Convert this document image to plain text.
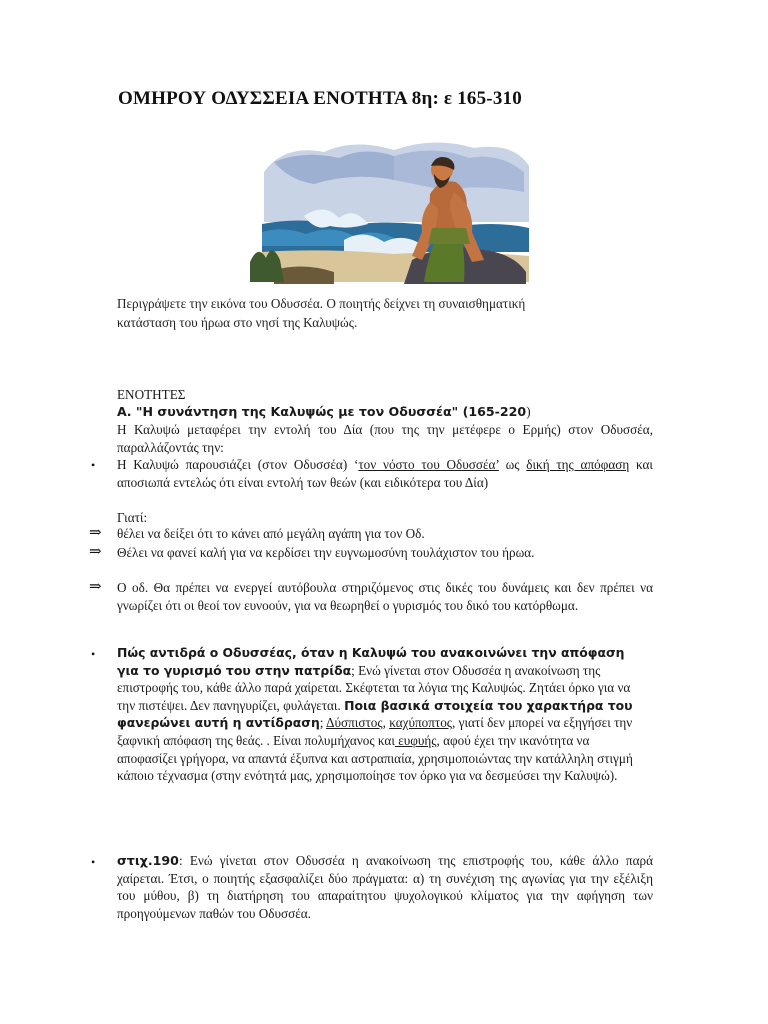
ΟΜΗΡΟΥ ΟΔΥΣΣΕΙΑ ΕΝΟΤΗΤΑ 8η: ε 165-310
Περιγράψετε την εικόνα του Οδυσσέα. Ο ποιητής δείχνει τη συναισθηματική κατάσταση του ήρωα στο νησί της Καλυψώς.
ΕΝΟΤΗΤΕΣ
Α. "Η συνάντηση της Καλυψώς με τον Οδυσσέα" (165-220)
Η Καλυψώ μεταφέρει την εντολή του Δία (που της την μετέφερε ο Ερμής) στον Οδυσσέα, παραλλάζοντάς την:
• Η Καλυψώ παρουσιάζει (στον Οδυσσέα) ‘τον νόστο του Οδυσσέα’ ως δική της απόφαση και αποσιωπά εντελώς ότι είναι εντολή των θεών (και ειδικότερα του Δία)
Γιατί:
⇒ θέλει να δείξει ότι το κάνει από μεγάλη αγάπη για τον Οδ.
⇒ Θέλει να φανεί καλή για να κερδίσει την ευγνωμοσύνη τουλάχιστον του ήρωα.
⇒ Ο οδ. Θα πρέπει να ενεργεί αυτόβουλα στηριζόμενος στις δικές του δυνάμεις και δεν πρέπει να γνωρίζει ότι οι θεοί τον ευνοούν, για να θεωρηθεί ο γυρισμός του δικό του κατόρθωμα.
• Πώς αντιδρά ο Οδυσσέας, όταν η Καλυψώ του ανακοινώνει την απόφαση για το γυρισμό του στην πατρίδα; Ενώ γίνεται στον Οδυσσέα η ανακοίνωση της επιστροφής του, κάθε άλλο παρά χαίρεται. Σκέφτεται τα λόγια της Καλυψώς. Ζητάει όρκο για να την πιστέψει. Δεν πανηγυρίζει, φυλάγεται. Ποια βασικά στοιχεία του χαρακτήρα του φανερώνει αυτή η αντίδραση; Δύσπιστος, καχύποπτος, γιατί δεν μπορεί να εξηγήσει την ξαφνική απόφαση της θεάς. . Είναι πολυμήχανος και ευφυής, αφού έχει την ικανότητα να αποφασίζει γρήγορα, να απαντά έξυπνα και αστραπιαία, χρησιμοποιώντας την κατάλληλη στιγμή κάποιο τέχνασμα (στην ενότητά μας, χρησιμοποίησε τον όρκο για να δεσμεύσει την Καλυψώ).
• στιχ.190: Ενώ γίνεται στον Οδυσσέα η ανακοίνωση της επιστροφής του, κάθε άλλο παρά χαίρεται. Έτσι, ο ποιητής εξασφαλίζει δύο πράγματα: α) τη συνέχιση της αγωνίας για την εξέλιξη του μύθου, β) τη διατήρηση του απαραίτητου ψυχολογικού κλίματος για την αφήγηση των προηγούμενων παθών του Οδυσσέα.
